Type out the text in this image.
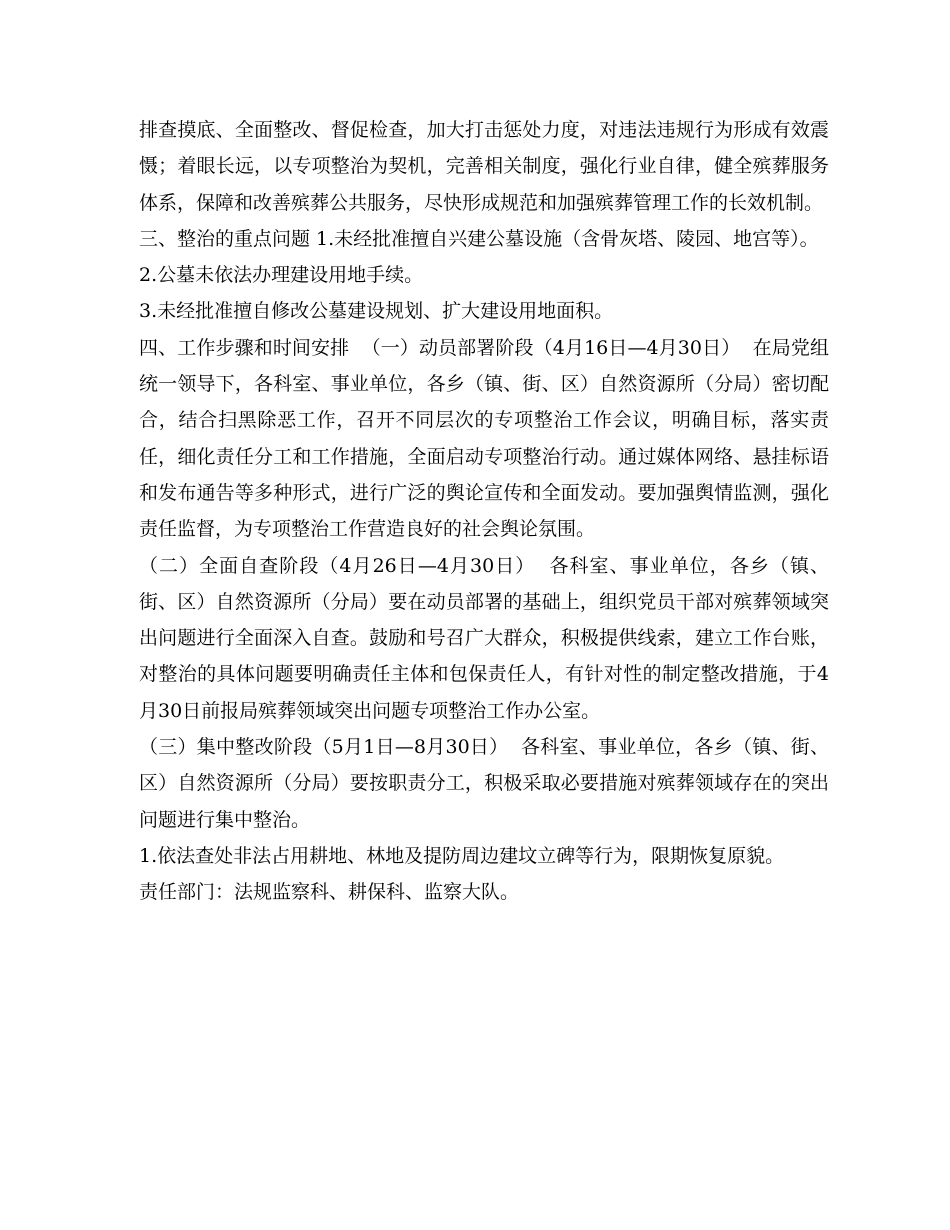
排查摸底、全面整改、督促检查，加大打击惩处力度，对违法违规行为形成有效震慑；着眼长远，以专项整治为契机，完善相关制度，强化行业自律，健全殡葬服务体系，保障和改善殡葬公共服务，尽快形成规范和加强殡葬管理工作的长效机制。

三、整治的重点问题 1.未经批准擅自兴建公墓设施（含骨灰塔、陵园、地宫等）。

2.公墓未依法办理建设用地手续。

3.未经批准擅自修改公墓建设规划、扩大建设用地面积。

四、工作步骤和时间安排  （一）动员部署阶段（4月16日—4月30日）  在局党组统一领导下，各科室、事业单位，各乡（镇、街、区）自然资源所（分局）密切配合，结合扫黑除恶工作，召开不同层次的专项整治工作会议，明确目标，落实责任，细化责任分工和工作措施，全面启动专项整治行动。通过媒体网络、悬挂标语和发布通告等多种形式，进行广泛的舆论宣传和全面发动。要加强舆情监测，强化责任监督，为专项整治工作营造良好的社会舆论氛围。

（二）全面自查阶段（4月26日—4月30日）  各科室、事业单位，各乡（镇、街、区）自然资源所（分局）要在动员部署的基础上，组织党员干部对殡葬领域突出问题进行全面深入自查。鼓励和号召广大群众，积极提供线索，建立工作台账，对整治的具体问题要明确责任主体和包保责任人，有针对性的制定整改措施，于4月30日前报局殡葬领域突出问题专项整治工作办公室。

（三）集中整改阶段（5月1日—8月30日）  各科室、事业单位，各乡（镇、街、区）自然资源所（分局）要按职责分工，积极采取必要措施对殡葬领域存在的突出问题进行集中整治。

1.依法查处非法占用耕地、林地及提防周边建坟立碑等行为，限期恢复原貌。

责任部门：法规监察科、耕保科、监察大队。
